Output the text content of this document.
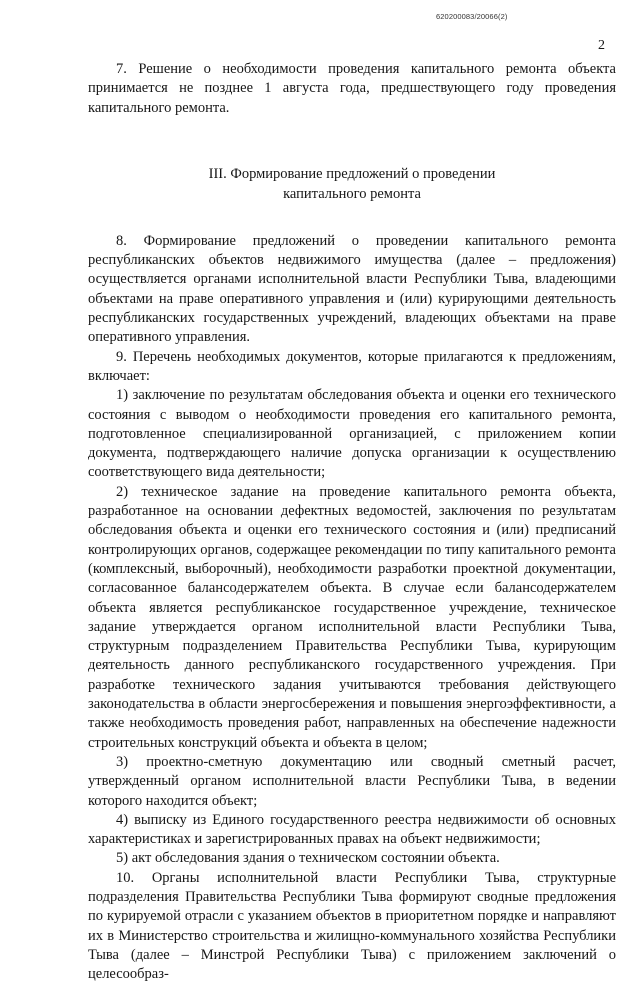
620200083/20066(2)
2

7. Решение о необходимости проведения капитального ремонта объекта принимается не позднее 1 августа года, предшествующего году проведения капитального ремонта.

III. Формирование предложений о проведении
капитального ремонта

8. Формирование предложений о проведении капитального ремонта республиканских объектов недвижимого имущества (далее – предложения) осуществляется органами исполнительной власти Республики Тыва, владеющими объектами на праве оперативного управления и (или) курирующими деятельность республиканских государственных учреждений, владеющих объектами на праве оперативного управления.

9. Перечень необходимых документов, которые прилагаются к предложениям, включает:

1) заключение по результатам обследования объекта и оценки его технического состояния с выводом о необходимости проведения его капитального ремонта, подготовленное специализированной организацией, с приложением копии документа, подтверждающего наличие допуска организации к осуществлению соответствующего вида деятельности;

2) техническое задание на проведение капитального ремонта объекта, разработанное на основании дефектных ведомостей, заключения по результатам обследования объекта и оценки его технического состояния и (или) предписаний контролирующих органов, содержащее рекомендации по типу капитального ремонта (комплексный, выборочный), необходимости разработки проектной документации, согласованное балансодержателем объекта. В случае если балансодержателем объекта является республиканское государственное учреждение, техническое задание утверждается органом исполнительной власти Республики Тыва, структурным подразделением Правительства Республики Тыва, курирующим деятельность данного республиканского государственного учреждения. При разработке технического задания учитываются требования действующего законодательства в области энергосбережения и повышения энергоэффективности, а также необходимость проведения работ, направленных на обеспечение надежности строительных конструкций объекта и объекта в целом;

3) проектно-сметную документацию или сводный сметный расчет, утвержденный органом исполнительной власти Республики Тыва, в ведении которого находится объект;

4) выписку из Единого государственного реестра недвижимости об основных характеристиках и зарегистрированных правах на объект недвижимости;

5) акт обследования здания о техническом состоянии объекта.

10. Органы исполнительной власти Республики Тыва, структурные подразделения Правительства Республики Тыва формируют сводные предложения по курируемой отрасли с указанием объектов в приоритетном порядке и направляют их в Министерство строительства и жилищно-коммунального хозяйства Республики Тыва (далее – Минстрой Республики Тыва) с приложением заключений о целесообраз-
